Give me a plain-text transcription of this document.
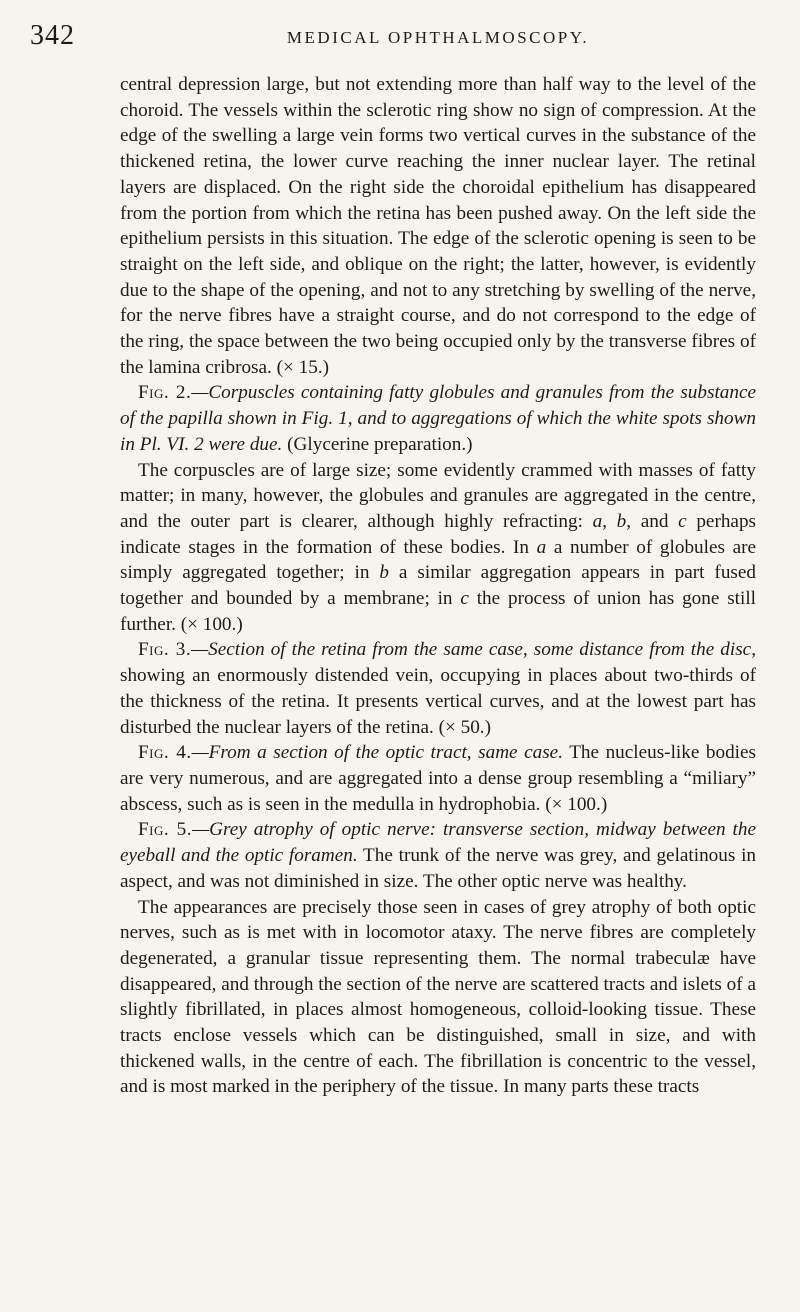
342	MEDICAL OPHTHALMOSCOPY.

central depression large, but not extending more than half way to the level of the choroid. The vessels within the sclerotic ring show no sign of compression. At the edge of the swelling a large vein forms two vertical curves in the substance of the thickened retina, the lower curve reaching the inner nuclear layer. The retinal layers are displaced. On the right side the choroidal epithelium has disappeared from the portion from which the retina has been pushed away. On the left side the epithelium persists in this situation. The edge of the sclerotic opening is seen to be straight on the left side, and oblique on the right; the latter, however, is evidently due to the shape of the opening, and not to any stretching by swelling of the nerve, for the nerve fibres have a straight course, and do not correspond to the edge of the ring, the space between the two being occupied only by the transverse fibres of the lamina cribrosa. (× 15.)

Fig. 2.—Corpuscles containing fatty globules and granules from the substance of the papilla shown in Fig. 1, and to aggregations of which the white spots shown in Pl. VI. 2 were due. (Glycerine preparation.)

The corpuscles are of large size; some evidently crammed with masses of fatty matter; in many, however, the globules and granules are aggregated in the centre, and the outer part is clearer, although highly refracting: a, b, and c perhaps indicate stages in the formation of these bodies. In a a number of globules are simply aggregated together; in b a similar aggregation appears in part fused together and bounded by a membrane; in c the process of union has gone still further. (× 100.)

Fig. 3.—Section of the retina from the same case, some distance from the disc, showing an enormously distended vein, occupying in places about two-thirds of the thickness of the retina. It presents vertical curves, and at the lowest part has disturbed the nuclear layers of the retina. (× 50.)

Fig. 4.—From a section of the optic tract, same case. The nucleus-like bodies are very numerous, and are aggregated into a dense group resembling a “miliary” abscess, such as is seen in the medulla in hydrophobia. (× 100.)

Fig. 5.—Grey atrophy of optic nerve: transverse section, midway between the eyeball and the optic foramen. The trunk of the nerve was grey, and gelatinous in aspect, and was not diminished in size. The other optic nerve was healthy.

The appearances are precisely those seen in cases of grey atrophy of both optic nerves, such as is met with in locomotor ataxy. The nerve fibres are completely degenerated, a granular tissue representing them. The normal trabeculæ have disappeared, and through the section of the nerve are scattered tracts and islets of a slightly fibrillated, in places almost homogeneous, colloid-looking tissue. These tracts enclose vessels which can be distinguished, small in size, and with thickened walls, in the centre of each. The fibrillation is concentric to the vessel, and is most marked in the periphery of the tissue. In many parts these tracts
